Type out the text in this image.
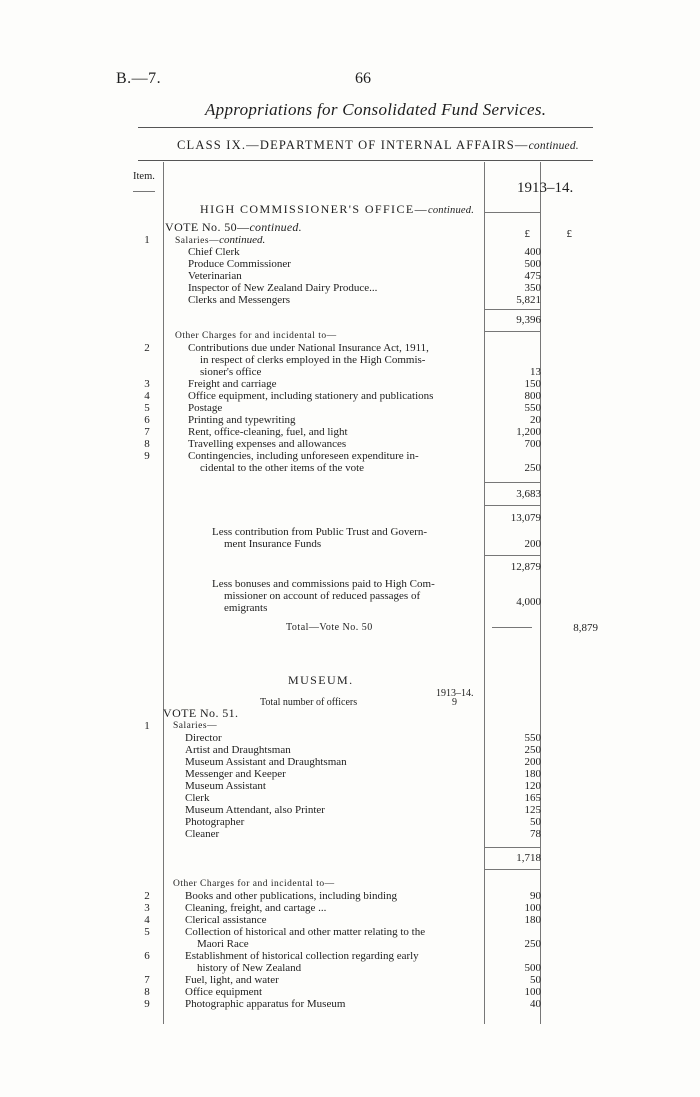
B.—7.	66
Appropriations for Consolidated Fund Services.
CLASS IX.—DEPARTMENT OF INTERNAL AFFAIRS—continued.
Item.
1913–14.
HIGH COMMISSIONER'S OFFICE—continued.
VOTE No. 50—continued.
1	Salaries—continued.	£	£
Chief Clerk	400
Produce Commissioner	500
Veterinarian	475
Inspector of New Zealand Dairy Produce...	350
Clerks and Messengers	5,821
9,396
Other Charges for and incidental to—
2	Contributions due under National Insurance Act, 1911,
in respect of clerks employed in the High Commis-
sioner's office	13
3	Freight and carriage	150
4	Office equipment, including stationery and publications	800
5	Postage	550
6	Printing and typewriting	20
7	Rent, office-cleaning, fuel, and light	1,200
8	Travelling expenses and allowances	700
9	Contingencies, including unforeseen expenditure in-
cidental to the other items of the vote	250
3,683
13,079
Less contribution from Public Trust and Govern-
ment Insurance Funds	200
12,879
Less bonuses and commissions paid to High Com-
missioner on account of reduced passages of
emigrants	4,000
Total—Vote No. 50	8,879
MUSEUM.
1913–14.
Total number of officers	9
VOTE No. 51.
1 Salaries—
Director	550
Artist and Draughtsman	250
Museum Assistant and Draughtsman	200
Messenger and Keeper	180
Museum Assistant	120
Clerk	165
Museum Attendant, also Printer	125
Photographer	50
Cleaner	78
1,718
Other Charges for and incidental to—
2	Books and other publications, including binding	90
3	Cleaning, freight, and cartage ...	100
4	Clerical assistance	180
5	Collection of historical and other matter relating to the
Maori Race	250
6	Establishment of historical collection regarding early
history of New Zealand	500
7	Fuel, light, and water	50
8	Office equipment	100
9	Photographic apparatus for Museum	40
